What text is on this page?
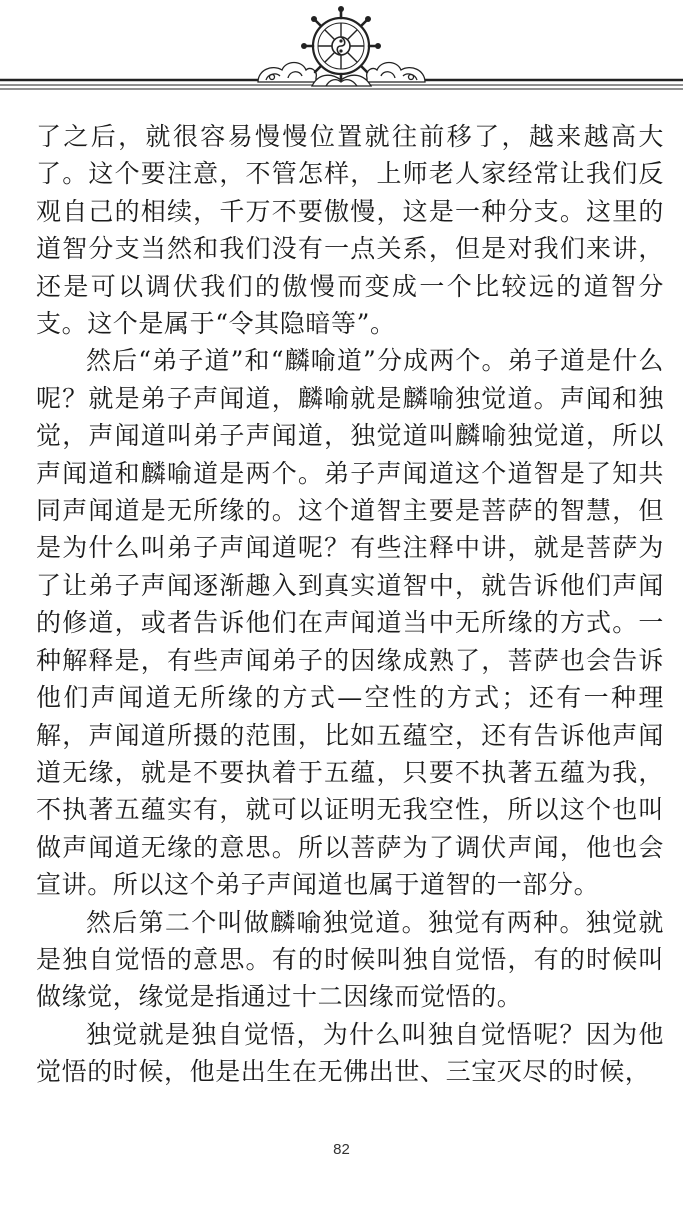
了之后，就很容易慢慢位置就往前移了，越来越高大了。这个要注意，不管怎样，上师老人家经常让我们反观自己的相续，千万不要傲慢，这是一种分支。这里的道智分支当然和我们没有一点关系，但是对我们来讲，还是可以调伏我们的傲慢而变成一个比较远的道智分支。这个是属于“令其隐暗等”。

然后“弟子道”和“麟喻道”分成两个。弟子道是什么呢？就是弟子声闻道，麟喻就是麟喻独觉道。声闻和独觉，声闻道叫弟子声闻道，独觉道叫麟喻独觉道，所以声闻道和麟喻道是两个。弟子声闻道这个道智是了知共同声闻道是无所缘的。这个道智主要是菩萨的智慧，但是为什么叫弟子声闻道呢？有些注释中讲，就是菩萨为了让弟子声闻逐渐趣入到真实道智中，就告诉他们声闻的修道，或者告诉他们在声闻道当中无所缘的方式。一种解释是，有些声闻弟子的因缘成熟了，菩萨也会告诉他们声闻道无所缘的方式—空性的方式；还有一种理解，声闻道所摄的范围，比如五蕴空，还有告诉他声闻道无缘，就是不要执着于五蕴，只要不执著五蕴为我，不执著五蕴实有，就可以证明无我空性，所以这个也叫做声闻道无缘的意思。所以菩萨为了调伏声闻，他也会宣讲。所以这个弟子声闻道也属于道智的一部分。

然后第二个叫做麟喻独觉道。独觉有两种。独觉就是独自觉悟的意思。有的时候叫独自觉悟，有的时候叫做缘觉，缘觉是指通过十二因缘而觉悟的。

独觉就是独自觉悟，为什么叫独自觉悟呢？因为他觉悟的时候，他是出生在无佛出世、三宝灭尽的时候，

82
